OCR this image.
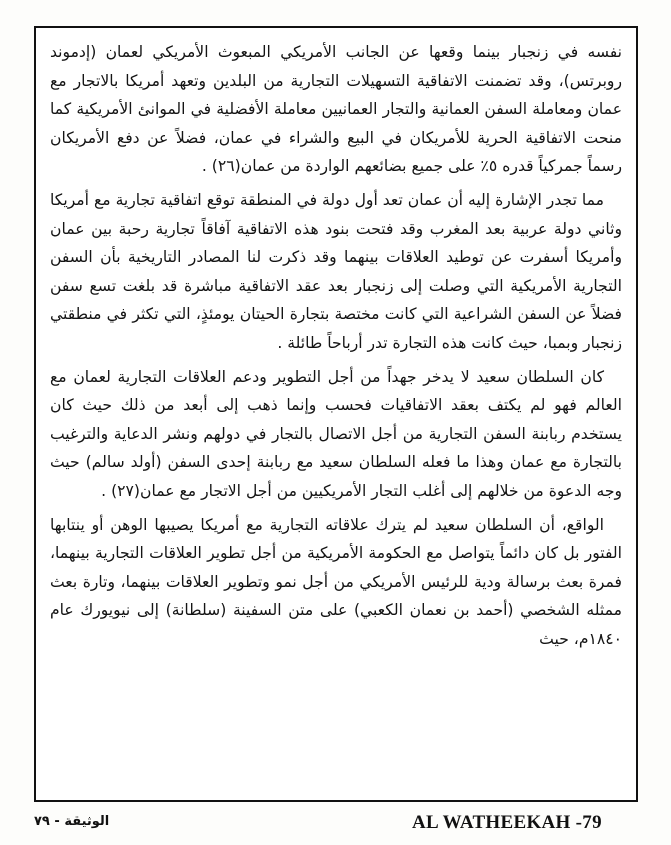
نفسه في زنجبار بينما وقعها عن الجانب الأمريكي المبعوث الأمريكي لعمان (إدموند روبرتس)، وقد تضمنت الاتفاقية التسهيلات التجارية من البلدين وتعهد أمريكا بالاتجار مع عمان ومعاملة السفن العمانية والتجار العمانيين معاملة الأفضلية في الموانئ الأمريكية كما منحت الاتفاقية الحرية للأمريكان في البيع والشراء في عمان، فضلاً عن دفع الأمريكان رسماً جمركياً قدره ٥٪ على جميع بضائعهم الواردة من عمان(٢٦) .

مما تجدر الإشارة إليه أن عمان تعد أول دولة في المنطقة توقع اتفاقية تجارية مع أمريكا وثاني دولة عربية بعد المغرب وقد فتحت بنود هذه الاتفاقية آفاقاً تجارية رحبة بين عمان وأمريكا أسفرت عن توطيد العلاقات بينهما وقد ذكرت لنا المصادر التاريخية بأن السفن التجارية الأمريكية التي وصلت إلى زنجبار بعد عقد الاتفاقية مباشرة قد بلغت تسع سفن فضلاً عن السفن الشراعية التي كانت مختصة بتجارة الحيتان يومئذٍ، التي تكثر في منطقتي زنجبار وبمبا، حيث كانت هذه التجارة تدر أرباحاً طائلة .

كان السلطان سعيد لا يدخر جهداً من أجل التطوير ودعم العلاقات التجارية لعمان مع العالم فهو لم يكتف بعقد الاتفاقيات فحسب وإنما ذهب إلى أبعد من ذلك حيث كان يستخدم ربابنة السفن التجارية من أجل الاتصال بالتجار في دولهم ونشر الدعاية والترغيب بالتجارة مع عمان وهذا ما فعله السلطان سعيد مع ربابنة إحدى السفن (أولد سالم) حيث وجه الدعوة من خلالهم إلى أغلب التجار الأمريكيين من أجل الاتجار مع عمان(٢٧) .

الواقع، أن السلطان سعيد لم يترك علاقاته التجارية مع أمريكا يصيبها الوهن أو ينتابها الفتور بل كان دائماً يتواصل مع الحكومة الأمريكية من أجل تطوير العلاقات التجارية بينهما، فمرة بعث برسالة ودية للرئيس الأمريكي من أجل نمو وتطوير العلاقات بينهما، وتارة بعث ممثله الشخصي (أحمد بن نعمان الكعبي) على متن السفينة (سلطانة) إلى نيويورك عام ١٨٤٠م، حيث

الوثيقة - ٧٩	AL WATHEEKAH -79
